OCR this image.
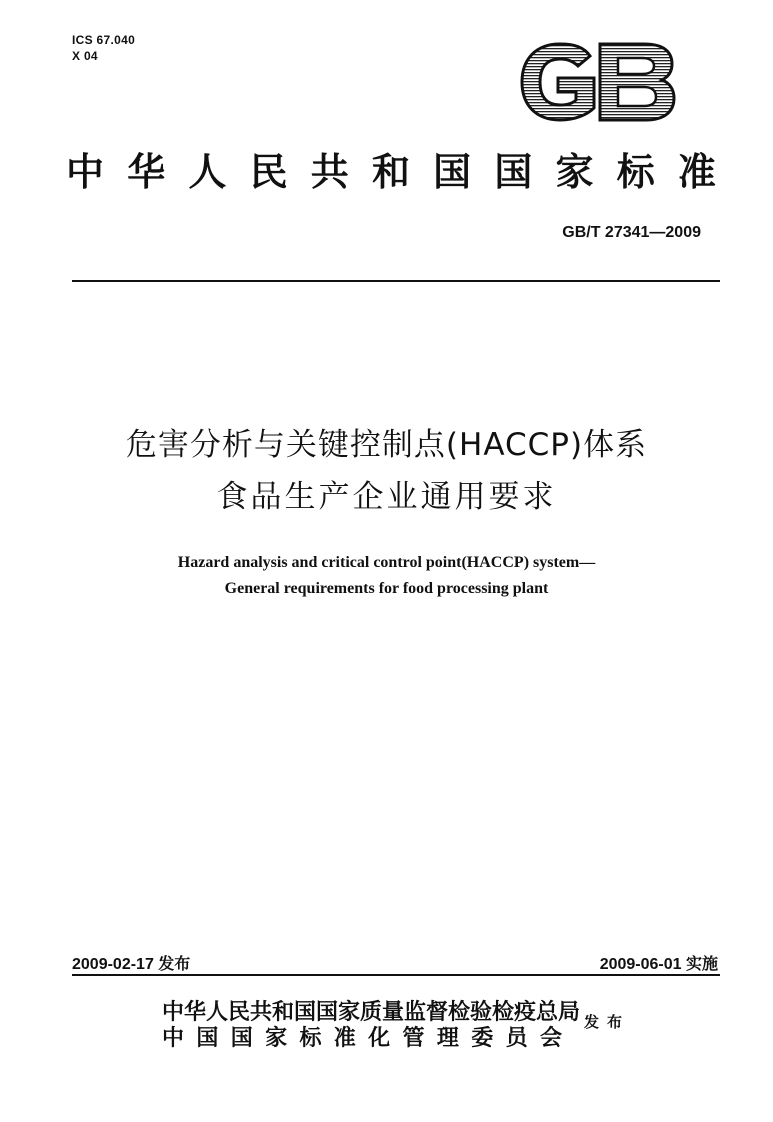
ICS 67.040
X 04
中 华 人 民 共 和 国 国 家 标 准
GB/T 27341—2009
危害分析与关键控制点(HACCP)体系
食品生产企业通用要求
Hazard analysis and critical control point(HACCP) system—
General requirements for food processing plant
2009-02-17 发布	2009-06-01 实施
中华人民共和国国家质量监督检验检疫总局
中 国 国 家 标 准 化 管 理 委 员 会
发布
